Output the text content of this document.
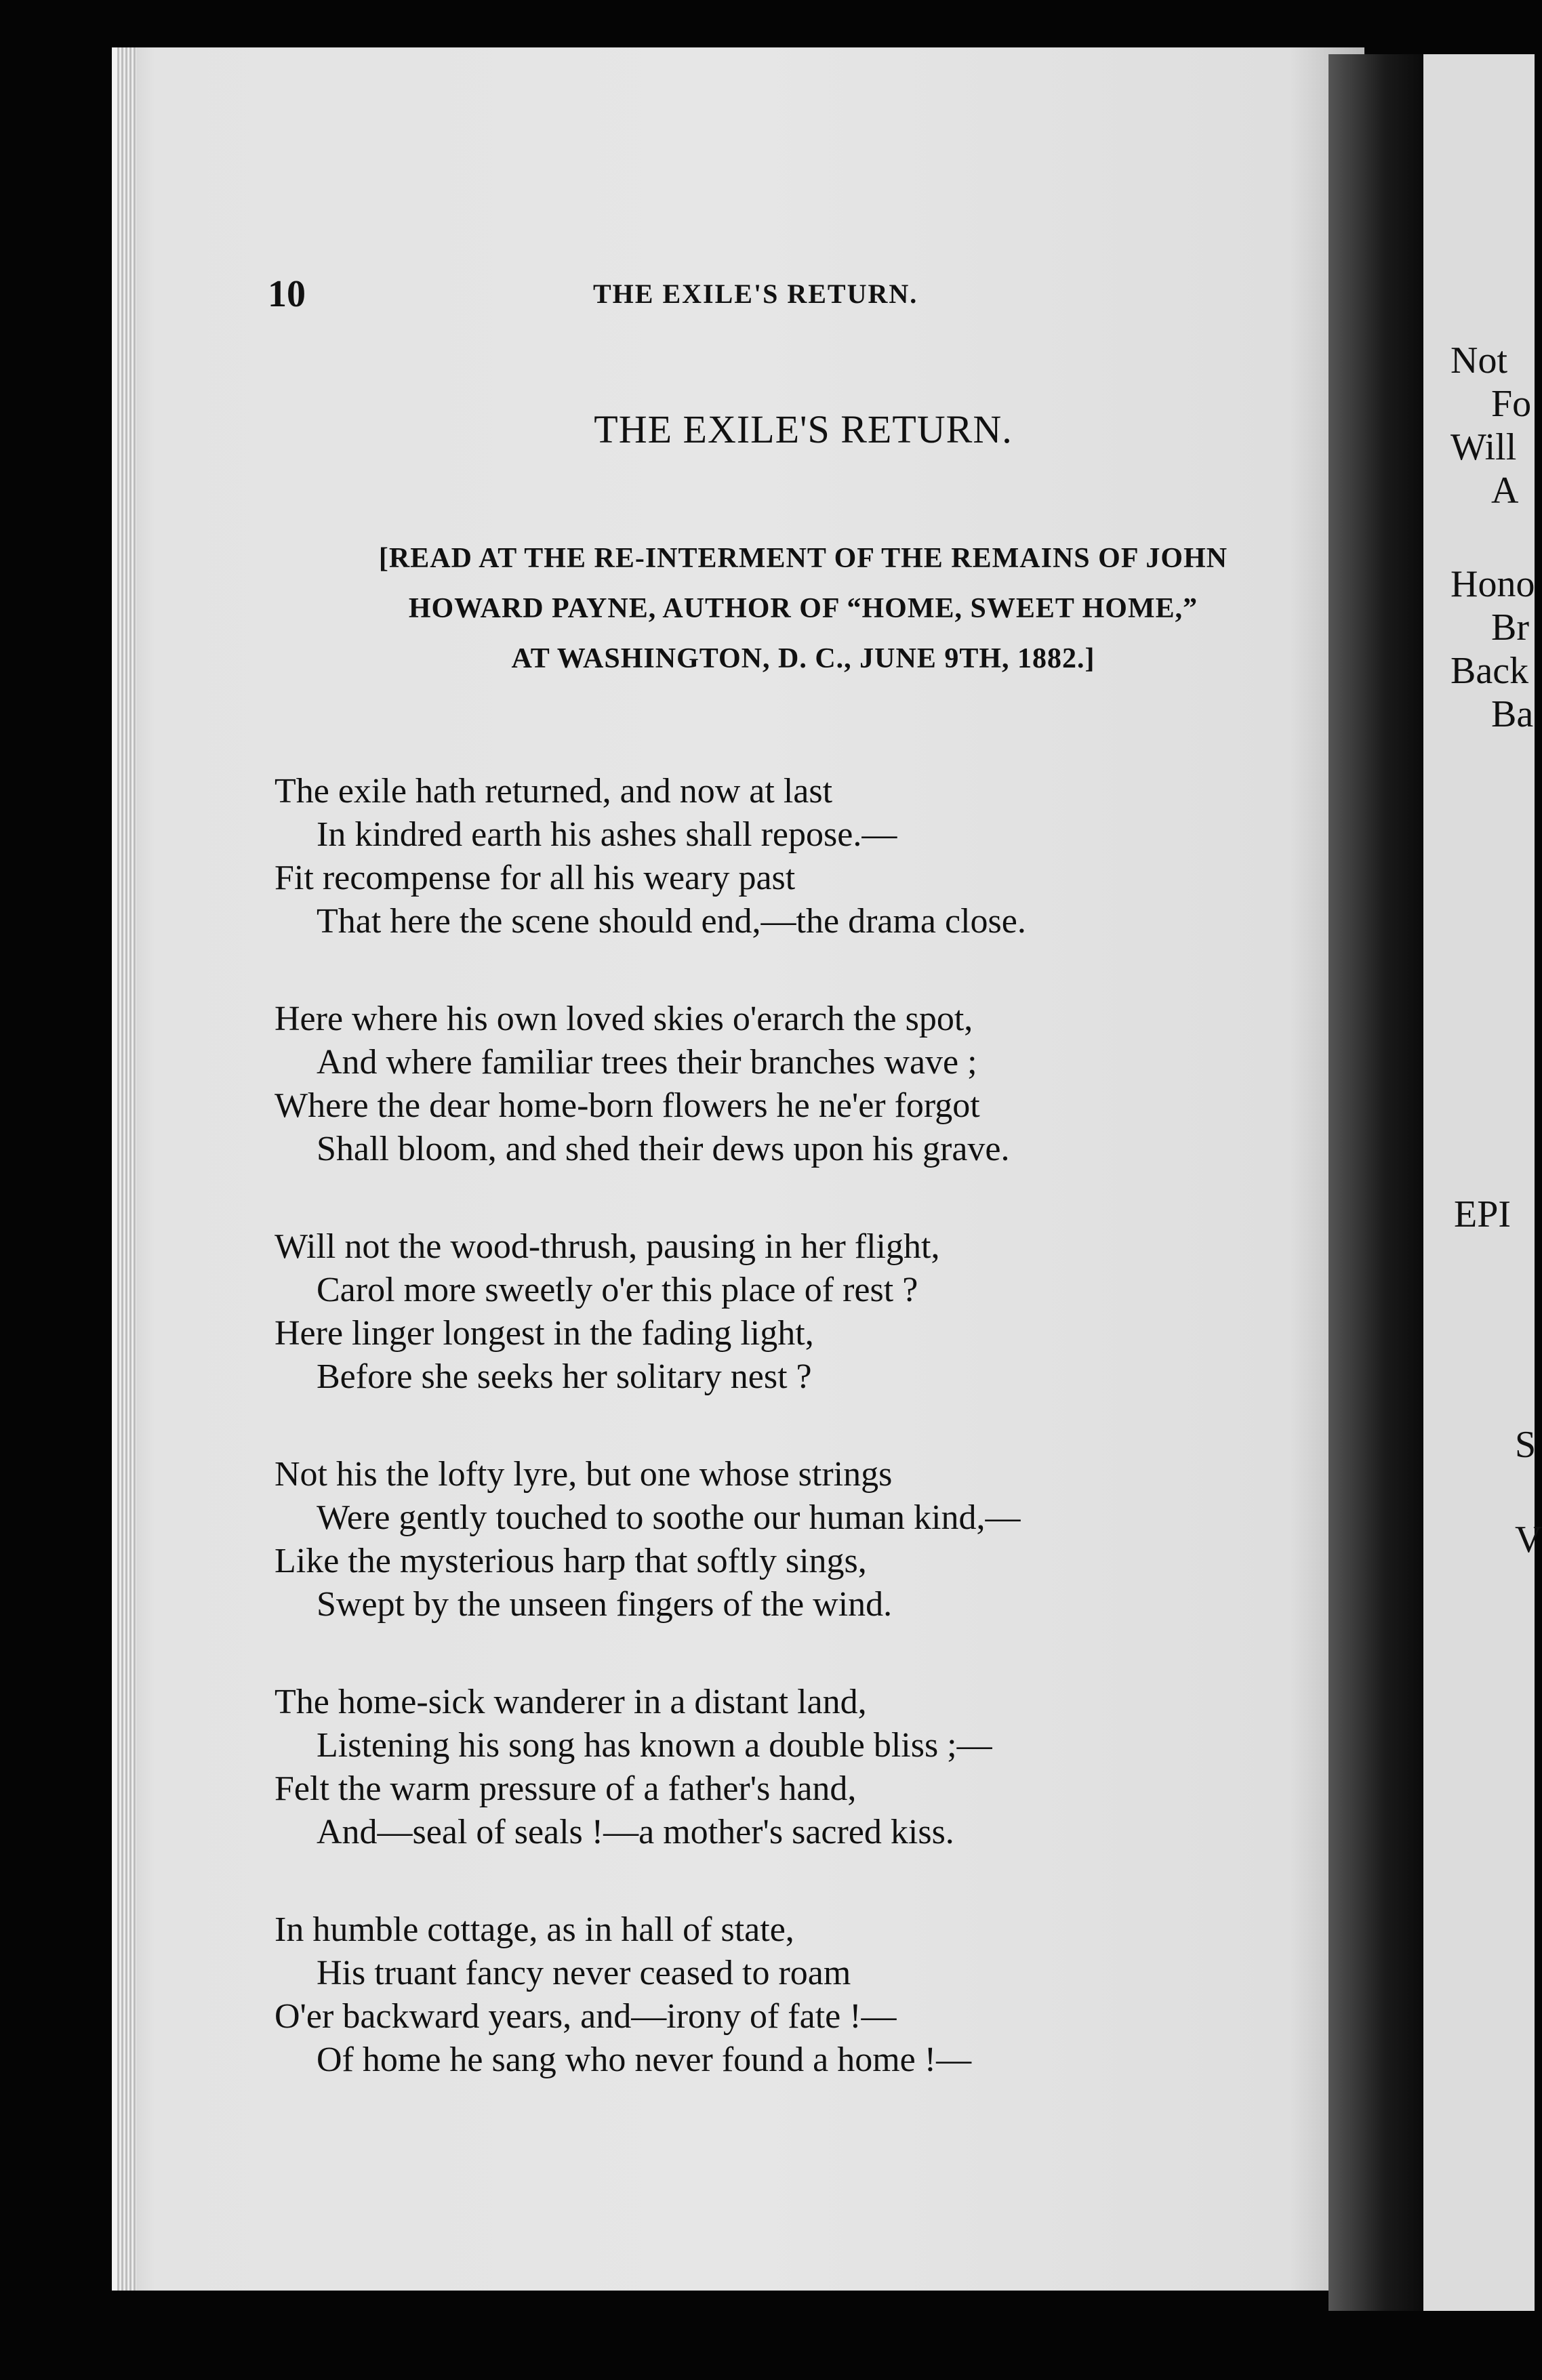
Not
Fo
Will
A
Hono
Br
Back
Ba
EPI
S
V
10	THE EXILE'S RETURN.
THE EXILE'S RETURN.
[READ AT THE RE-INTERMENT OF THE REMAINS OF JOHN
HOWARD PAYNE, AUTHOR OF “HOME, SWEET HOME,”
AT WASHINGTON, D. C., JUNE 9TH, 1882.]
The exile hath returned, and now at last
In kindred earth his ashes shall repose.—
Fit recompense for all his weary past
That here the scene should end,—the drama close.
Here where his own loved skies o'erarch the spot,
And where familiar trees their branches wave ;
Where the dear home-born flowers he ne'er forgot
Shall bloom, and shed their dews upon his grave.
Will not the wood-thrush, pausing in her flight,
Carol more sweetly o'er this place of rest ?
Here linger longest in the fading light,
Before she seeks her solitary nest ?
Not his the lofty lyre, but one whose strings
Were gently touched to soothe our human kind,—
Like the mysterious harp that softly sings,
Swept by the unseen fingers of the wind.
The home-sick wanderer in a distant land,
Listening his song has known a double bliss ;—
Felt the warm pressure of a father's hand,
And—seal of seals !—a mother's sacred kiss.
In humble cottage, as in hall of state,
His truant fancy never ceased to roam
O'er backward years, and—irony of fate !—
Of home he sang who never found a home !—
